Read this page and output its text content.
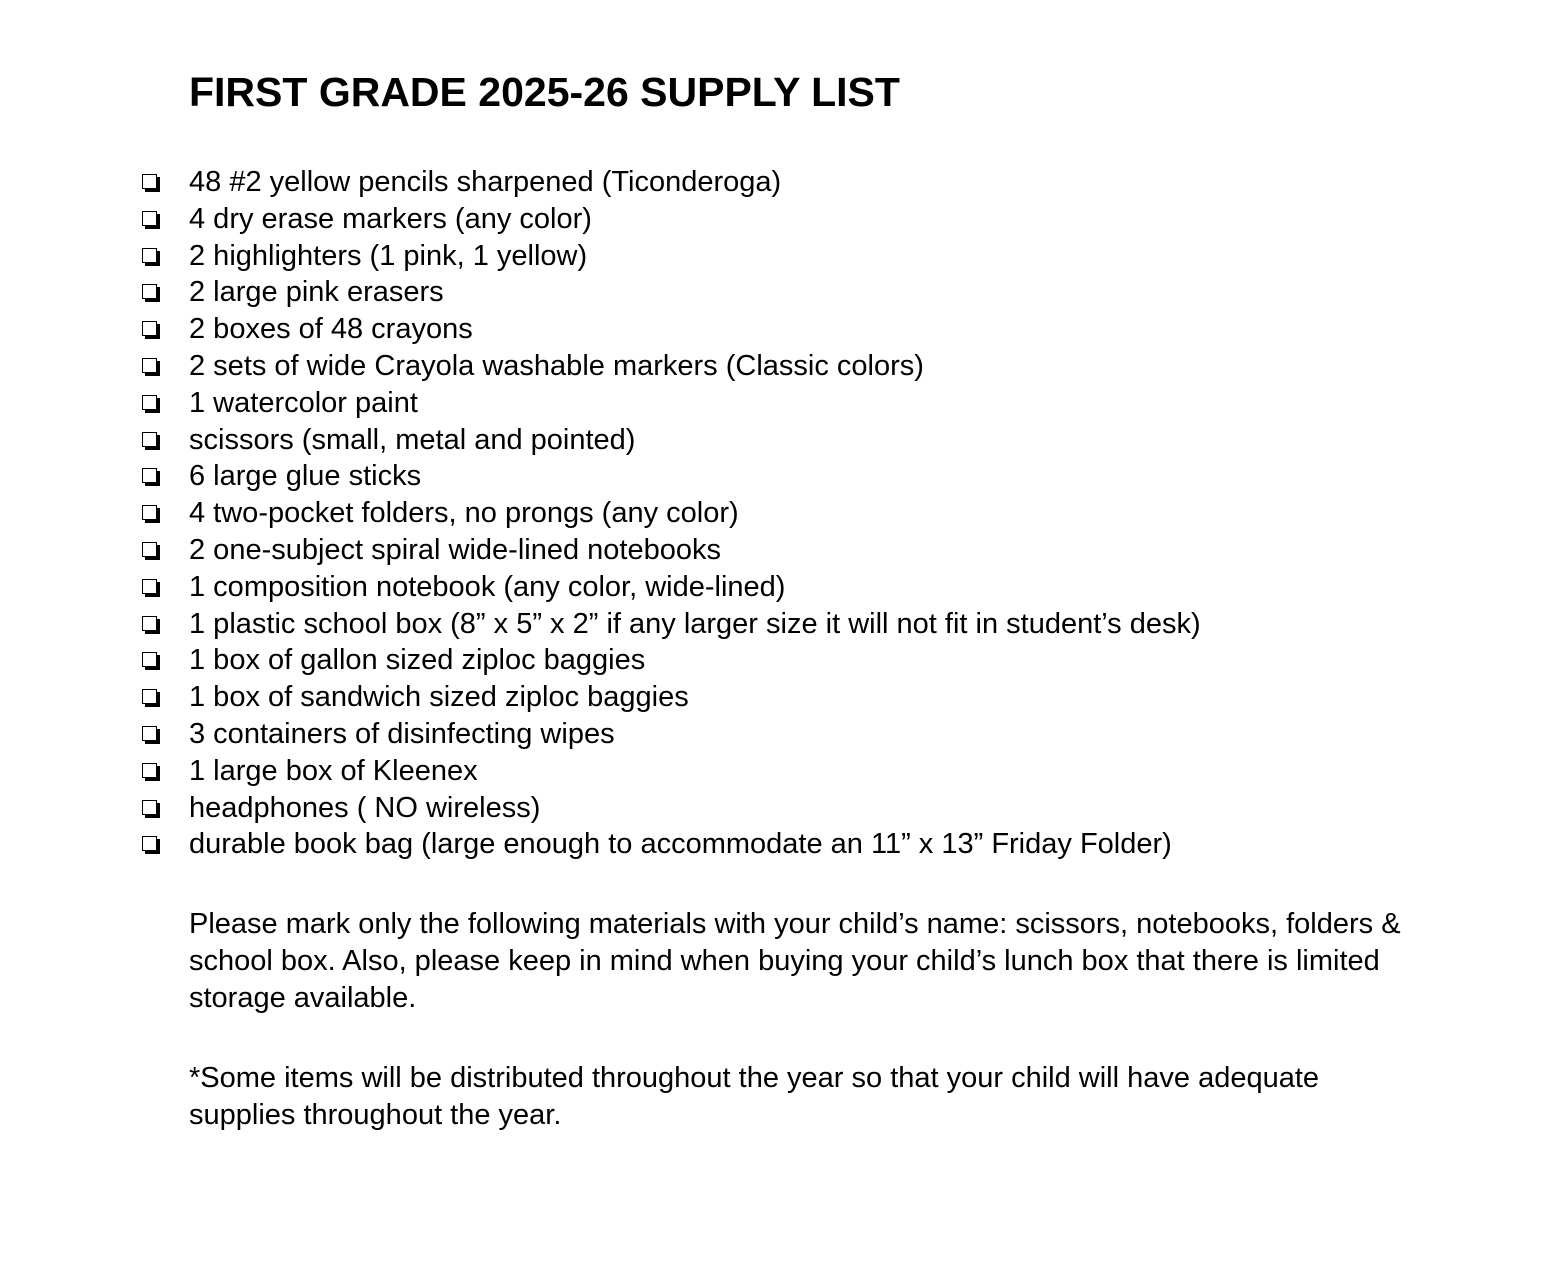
FIRST GRADE 2025-26 SUPPLY LIST
48 #2 yellow pencils sharpened (Ticonderoga)
4 dry erase markers (any color)
2 highlighters (1 pink, 1 yellow)
2 large pink erasers
2 boxes of 48 crayons
2 sets of wide Crayola washable markers (Classic colors)
1 watercolor paint
scissors (small, metal and pointed)
6 large glue sticks
4 two-pocket folders, no prongs (any color)
2 one-subject spiral wide-lined notebooks
1 composition notebook (any color, wide-lined)
1 plastic school box (8” x 5” x 2” if any larger size it will not fit in student’s desk)
1 box of gallon sized ziploc baggies
1 box of sandwich sized ziploc baggies
3 containers of disinfecting wipes
1 large box of Kleenex
headphones ( NO wireless)
durable book bag (large enough to accommodate an 11” x 13” Friday Folder)

Please mark only the following materials with your child’s name: scissors, notebooks, folders & school box. Also, please keep in mind when buying your child’s lunch box that there is limited storage available.

*Some items will be distributed throughout the year so that your child will have adequate supplies throughout the year.
